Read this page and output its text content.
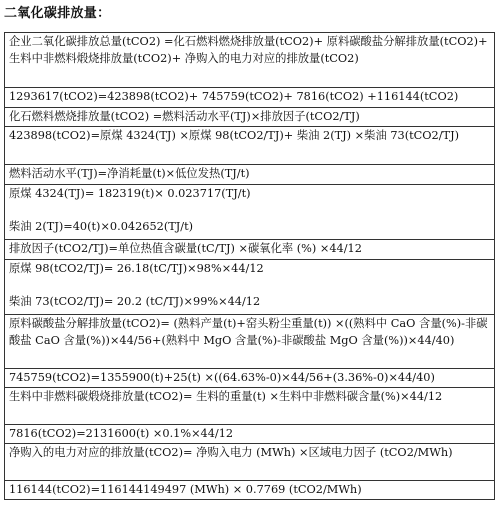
二氧化碳排放量：
企业二氧化碳排放总量(tCO2) =化石燃料燃烧排放量(tCO2)+ 原料碳酸盐分解排放量(tCO2)+ 生料中非燃料煅烧排放量(tCO2)+ 净购入的电力对应的排放量(tCO2)
1293617(tCO2)=423898(tCO2)+ 745759(tCO2)+ 7816(tCO2) +116144(tCO2)
化石燃料燃烧排放量(tCO2) =燃料活动水平(TJ)×排放因子(tCO2/TJ)
423898(tCO2)=原煤 4324(TJ) ×原煤 98(tCO2/TJ)+ 柴油 2(TJ) ×柴油 73(tCO2/TJ)
燃料活动水平(TJ)=净消耗量(t)×低位发热(TJ/t)
原煤 4324(TJ)= 182319(t)× 0.023717(TJ/t)

柴油 2(TJ)=40(t)×0.042652(TJ/t)
排放因子(tCO2/TJ)=单位热值含碳量(tC/TJ) ×碳氧化率 (%) ×44/12
原煤 98(tCO2/TJ)= 26.18(tC/TJ)×98%×44/12

柴油 73(tCO2/TJ)= 20.2 (tC/TJ)×99%×44/12
原料碳酸盐分解排放量(tCO2)= (熟料产量(t)+窑头粉尘重量(t)) ×((熟料中 CaO 含量(%)-非碳酸盐 CaO 含量(%))×44/56+(熟料中 MgO 含量(%)-非碳酸盐 MgO 含量(%))×44/40)
745759(tCO2)=1355900(t)+25(t) ×((64.63%-0)×44/56+(3.36%-0)×44/40)
生料中非燃料碳煅烧排放量(tCO2)= 生料的重量(t) ×生料中非燃料碳含量(%)×44/12
7816(tCO2)=2131600(t) ×0.1%×44/12
净购入的电力对应的排放量(tCO2)= 净购入电力 (MWh) ×区域电力因子 (tCO2/MWh)
116144(tCO2)=116144149497 (MWh) × 0.7769 (tCO2/MWh)
